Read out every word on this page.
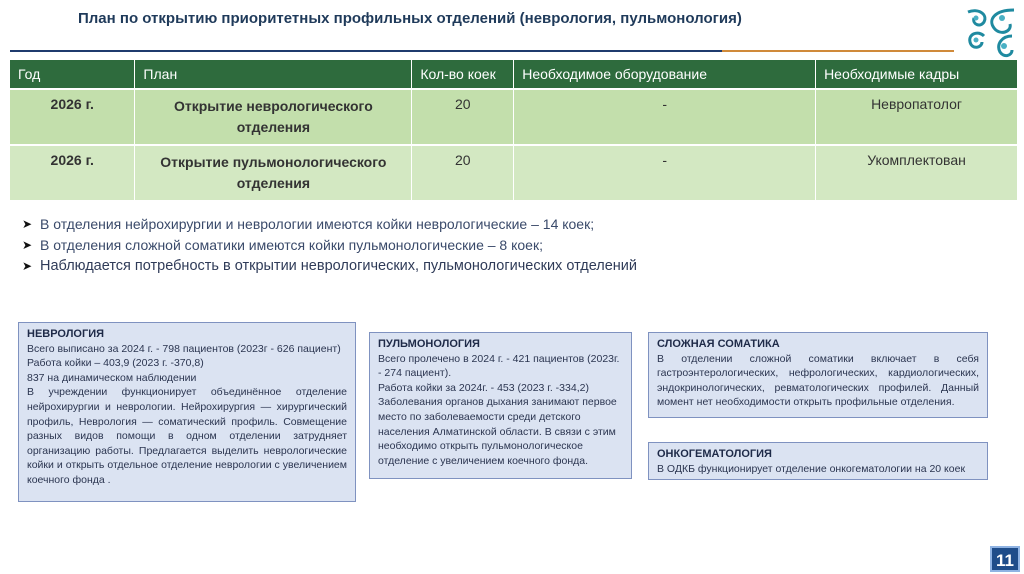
План по открытию приоритетных профильных отделений (неврология, пульмонология)
Год	План	Кол-во коек	Необходимое оборудование	Необходимые кадры
2026 г.	Открытие неврологического отделения	20	-	Невропатолог
2026 г.	Открытие пульмонологического отделения	20	-	Укомплектован
➤ В отделения нейрохирургии и неврологии имеются койки неврологические – 14 коек;
➤ В отделения сложной соматики имеются койки пульмонологические – 8 коек;
➤ Наблюдается потребность в открытии неврологических, пульмонологических отделений
НЕВРОЛОГИЯ

Всего выписано за 2024 г. - 798 пациентов (2023г - 626 пациент)

Работа койки – 403,9 (2023 г. -370,8)

837 на динамическом наблюдении

В учреждении функционирует объединённое отделение нейрохирургии и неврологии. Нейрохирургия — хирургический профиль, Неврология — соматический профиль. Совмещение разных видов помощи в одном отделении затрудняет организацию работы. Предлагается выделить неврологические койки и открыть отдельное отделение неврологии с увеличением коечного фонда .

ПУЛЬМОНОЛОГИЯ

Всего пролечено в 2024 г. - 421 пациентов (2023г. - 274 пациент).

Работа койки за 2024г. - 453 (2023 г. -334,2)

Заболевания органов дыхания занимают первое место по заболеваемости среди детского населения Алматинской области. В связи с этим необходимо открыть пульмонологическое отделение с увеличением коечного фонда.

СЛОЖНАЯ СОМАТИКА

В отделении сложной соматики включает в себя гастроэнтерологических, нефрологических, кардиологических, эндокринологических, ревматологических профилей. Данный момент нет необходимости открыть профильные отделения.

ОНКОГЕМАТОЛОГИЯ

В ОДКБ функционирует отделение онкогематологии на 20 коек

11
